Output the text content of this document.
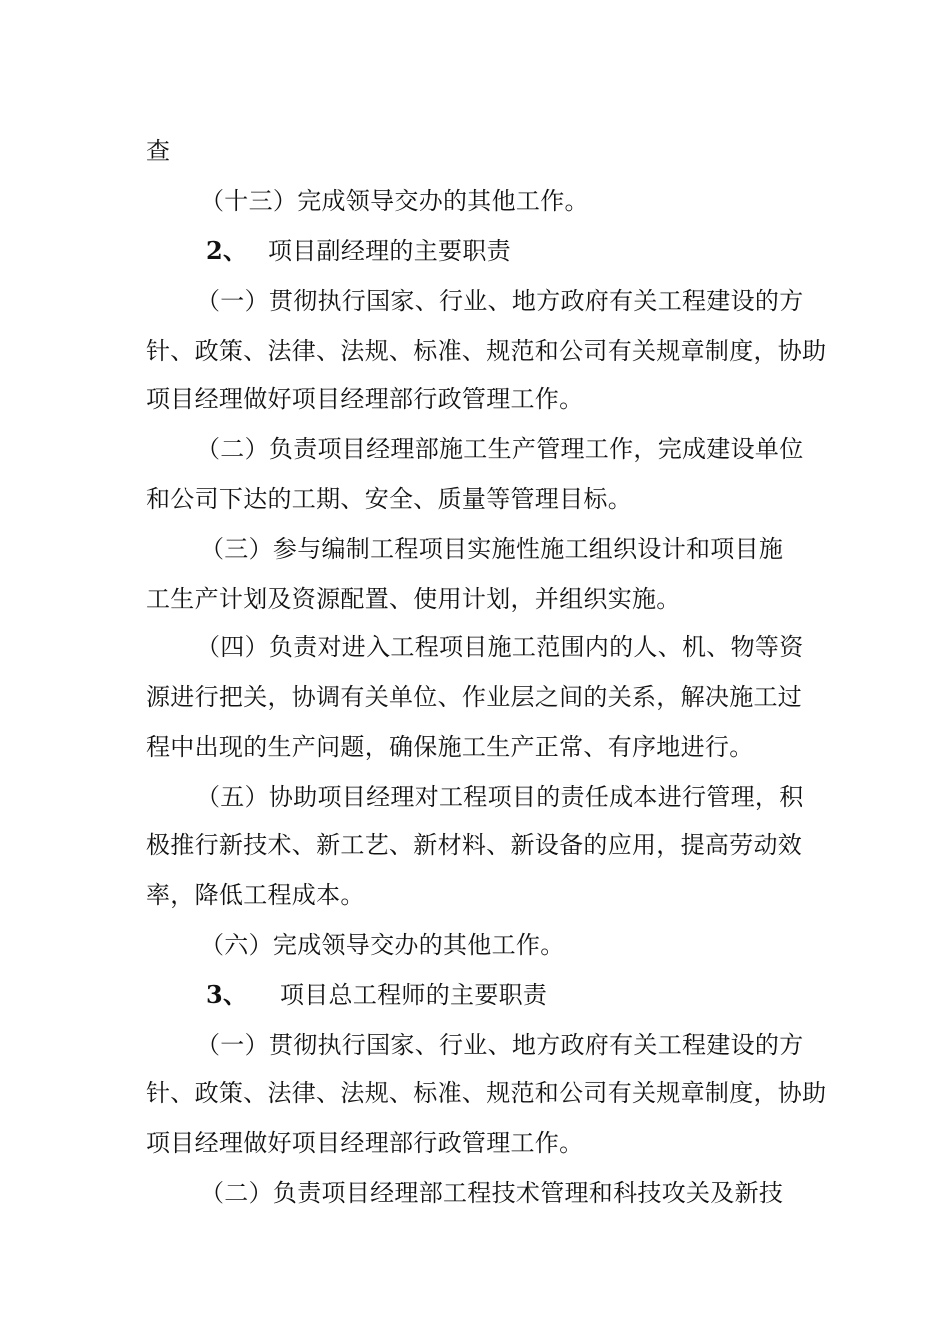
查
（十三）完成领导交办的其他工作。
2、 项目副经理的主要职责
（一）贯彻执行国家、行业、地方政府有关工程建设的方
针、政策、法律、法规、标准、规范和公司有关规章制度，协助
项目经理做好项目经理部行政管理工作。
（二）负责项目经理部施工生产管理工作，完成建设单位
和公司下达的工期、安全、质量等管理目标。
（三）参与编制工程项目实施性施工组织设计和项目施
工生产计划及资源配置、使用计划，并组织实施。
（四）负责对进入工程项目施工范围内的人、机、物等资
源进行把关，协调有关单位、作业层之间的关系，解决施工过
程中出现的生产问题，确保施工生产正常、有序地进行。
（五）协助项目经理对工程项目的责任成本进行管理，积
极推行新技术、新工艺、新材料、新设备的应用，提高劳动效
率，降低工程成本。
（六）完成领导交办的其他工作。
3、 项目总工程师的主要职责
（一）贯彻执行国家、行业、地方政府有关工程建设的方
针、政策、法律、法规、标准、规范和公司有关规章制度，协助
项目经理做好项目经理部行政管理工作。
（二）负责项目经理部工程技术管理和科技攻关及新技
